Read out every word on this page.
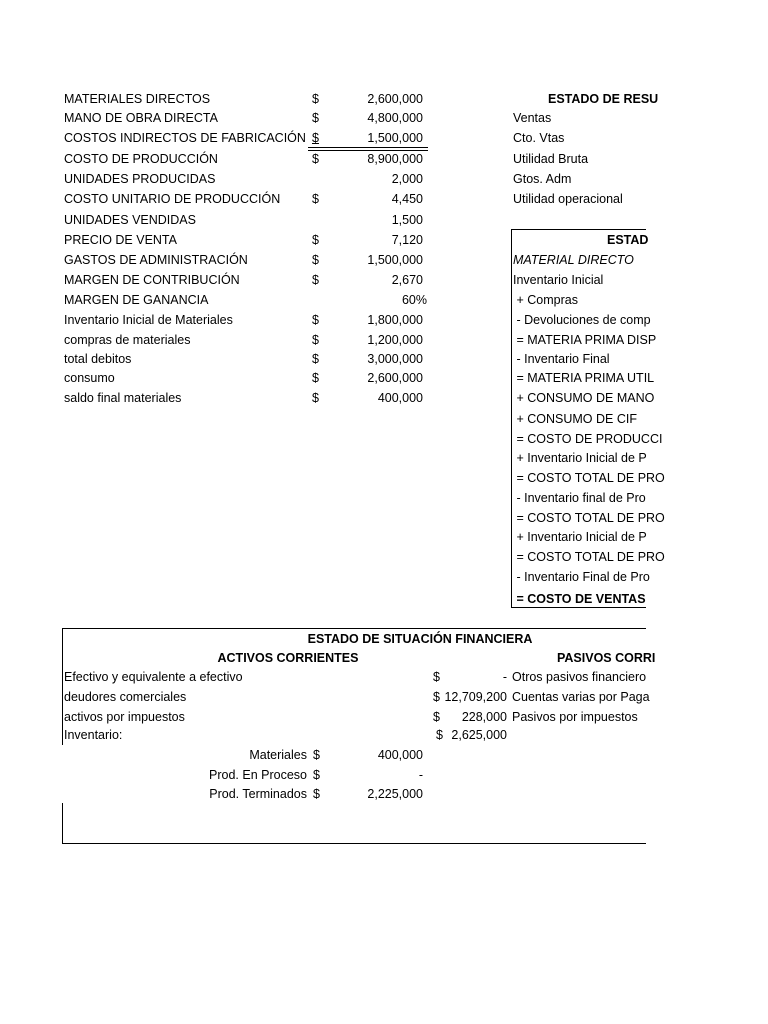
MATERIALES DIRECTOS	$	2,600,000
MANO DE OBRA DIRECTA	$	4,800,000
COSTOS INDIRECTOS DE FABRICACIÓN $	1,500,000
COSTO DE PRODUCCIÓN	$	8,900,000
UNIDADES PRODUCIDAS	2,000
COSTO UNITARIO DE PRODUCCIÓN	$	4,450
UNIDADES VENDIDAS	1,500
PRECIO DE VENTA	$	7,120
GASTOS DE ADMINISTRACIÓN	$	1,500,000
MARGEN DE CONTRIBUCIÓN	$	2,670
MARGEN DE GANANCIA	60%
Inventario Inicial de Materiales	$	1,800,000
compras de materiales	$	1,200,000
total debitos	$	3,000,000
consumo	$	2,600,000
saldo final materiales	$	400,000
ESTADO DE RESU
Ventas
Cto. Vtas
Utilidad Bruta
Gtos. Adm
Utilidad operacional
ESTAD
MATERIAL DIRECTO
Inventario Inicial
+ Compras
- Devoluciones de comp
= MATERIA PRIMA DISP
- Inventario Final
= MATERIA PRIMA UTIL
+ CONSUMO DE MANO
+ CONSUMO DE CIF
= COSTO DE PRODUCCI
+ Inventario Inicial de P
= COSTO TOTAL DE PRO
- Inventario final de Pro
= COSTO TOTAL DE PRO
+ Inventario Inicial de P
= COSTO TOTAL DE PRO
- Inventario Final de Pro
= COSTO DE VENTAS
ESTADO DE SITUACIÓN FINANCIERA
ACTIVOS CORRIENTES	PASIVOS CORRI
Efectivo y equivalente a efectivo	$	- Otros pasivos financiero
deudores comerciales	$ 12,709,200 Cuentas varias por Paga
activos por impuestos	$	228,000 Pasivos por impuestos
Inventario:	$ 2,625,000
Materiales $	400,000
Prod. En Proceso $	-
Prod. Terminados $	2,225,000
